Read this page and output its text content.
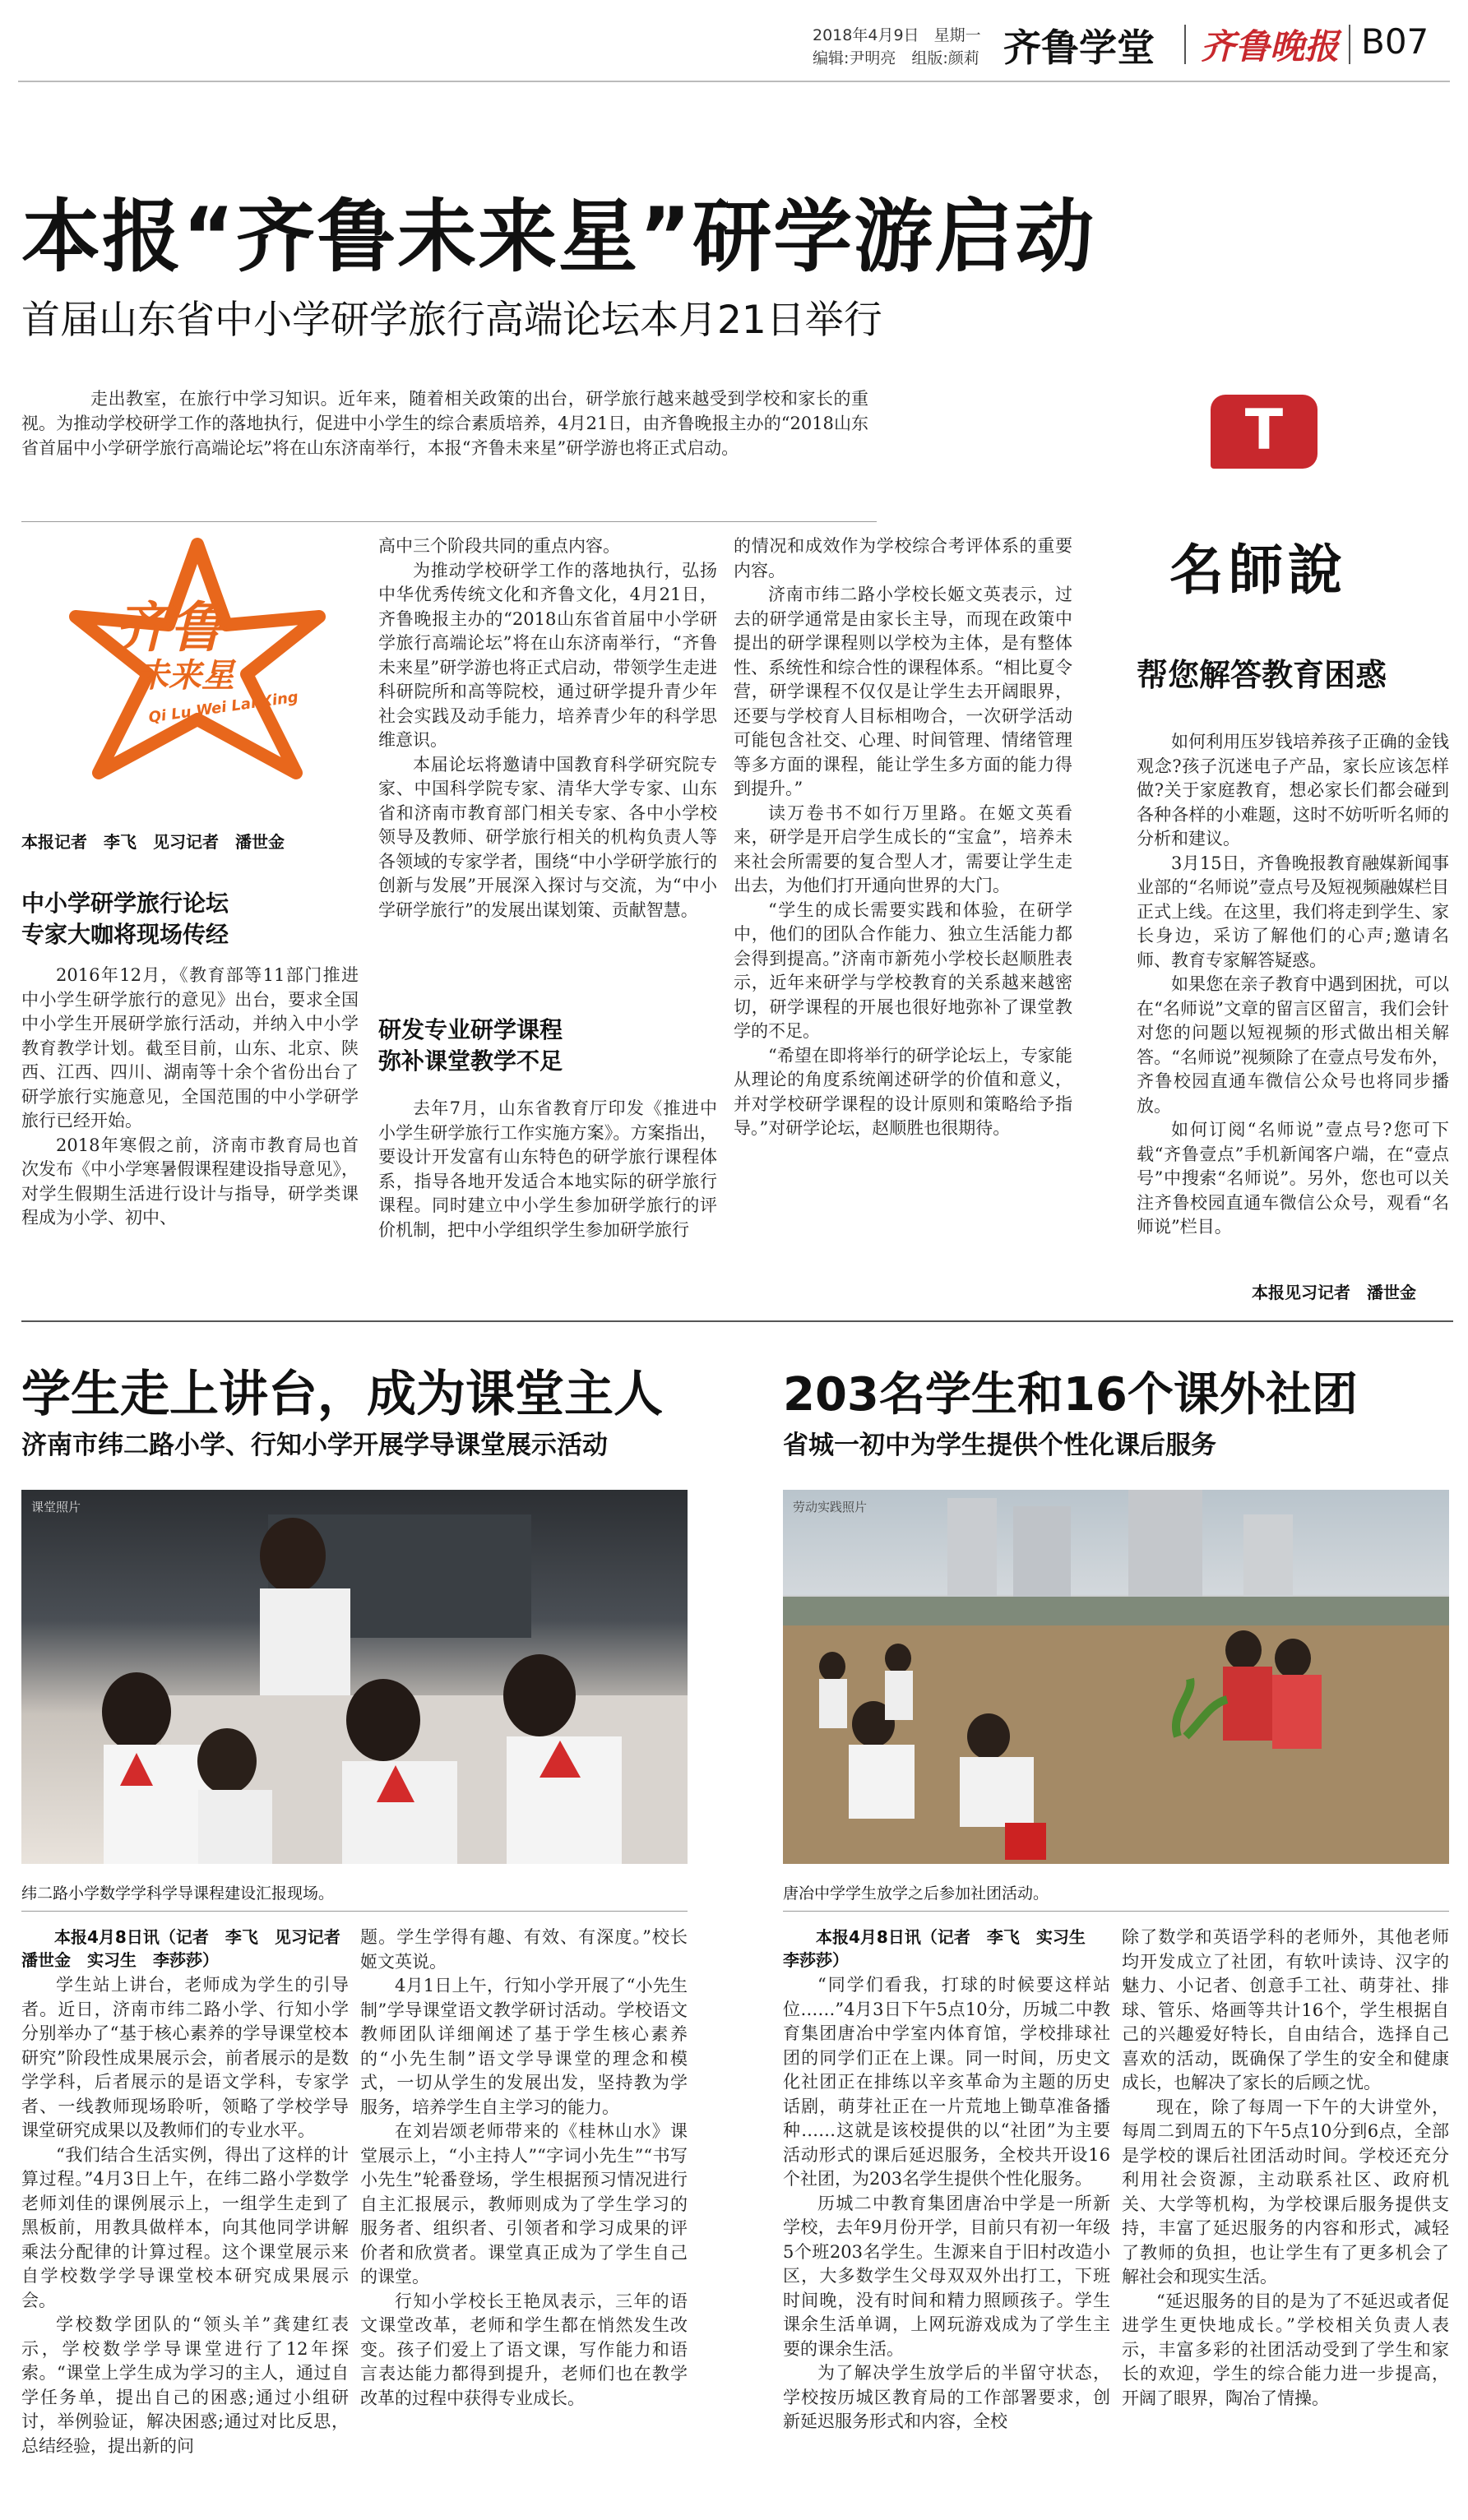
2018年4月9日 星期一
编辑:尹明亮　组版:颜莉 齐鲁学堂 齐鲁晚报 B07
本报“齐鲁未来星”研学游启动
首届山东省中小学研学旅行高端论坛本月21日举行

走出教室，在旅行中学习知识。近年来，随着相关政策的出台，研学旅行越来越受到学校和家长的重视。为推动学校研学工作的落地执行，促进中小学生的综合素质培养，4月21日，由齐鲁晚报主办的“2018山东省首届中小学研学旅行高端论坛”将在山东济南举行，本报“齐鲁未来星”研学游也将正式启动。

齐鲁
未来星
Qi Lu Wei Lai Xing
本报记者　李飞　见习记者　潘世金
中小学研学旅行论坛
专家大咖将现场传经

2016年12月，《教育部等11部门推进中小学生研学旅行的意见》出台，要求全国中小学生开展研学旅行活动，并纳入中小学教育教学计划。截至目前，山东、北京、陕西、江西、四川、湖南等十余个省份出台了研学旅行实施意见，全国范围的中小学研学旅行已经开始。

2018年寒假之前，济南市教育局也首次发布《中小学寒暑假课程建设指导意见》，对学生假期生活进行设计与指导，研学类课程成为小学、初中、

高中三个阶段共同的重点内容。

为推动学校研学工作的落地执行，弘扬中华优秀传统文化和齐鲁文化，4月21日，齐鲁晚报主办的“2018山东省首届中小学研学旅行高端论坛”将在山东济南举行，“齐鲁未来星”研学游也将正式启动，带领学生走进科研院所和高等院校，通过研学提升青少年社会实践及动手能力，培养青少年的科学思维意识。

本届论坛将邀请中国教育科学研究院专家、中国科学院专家、清华大学专家、山东省和济南市教育部门相关专家、各中小学校领导及教师、研学旅行相关的机构负责人等各领域的专家学者，围绕“中小学研学旅行的创新与发展”开展深入探讨与交流，为“中小学研学旅行”的发展出谋划策、贡献智慧。

研发专业研学课程
弥补课堂教学不足

去年7月，山东省教育厅印发《推进中小学生研学旅行工作实施方案》。方案指出，要设计开发富有山东特色的研学旅行课程体系，指导各地开发适合本地实际的研学旅行课程。同时建立中小学生参加研学旅行的评价机制，把中小学组织学生参加研学旅行

的情况和成效作为学校综合考评体系的重要内容。

济南市纬二路小学校长姬文英表示，过去的研学通常是由家长主导，而现在政策中提出的研学课程则以学校为主体，是有整体性、系统性和综合性的课程体系。“相比夏令营，研学课程不仅仅是让学生去开阔眼界，还要与学校育人目标相吻合，一次研学活动可能包含社交、心理、时间管理、情绪管理等多方面的课程，能让学生多方面的能力得到提升。”

读万卷书不如行万里路。在姬文英看来，研学是开启学生成长的“宝盒”，培养未来社会所需要的复合型人才，需要让学生走出去，为他们打开通向世界的大门。

“学生的成长需要实践和体验，在研学中，他们的团队合作能力、独立生活能力都会得到提高。”济南市新苑小学校长赵顺胜表示，近年来研学与学校教育的关系越来越密切，研学课程的开展也很好地弥补了课堂教学的不足。

“希望在即将举行的研学论坛上，专家能从理论的角度系统阐述研学的价值和意义，并对学校研学课程的设计原则和策略给予指导。”对研学论坛，赵顺胜也很期待。

T
名師說
帮您解答教育困惑

如何利用压岁钱培养孩子正确的金钱观念?孩子沉迷电子产品，家长应该怎样做?关于家庭教育，想必家长们都会碰到各种各样的小难题，这时不妨听听名师的分析和建议。

3月15日，齐鲁晚报教育融媒新闻事业部的“名师说”壹点号及短视频融媒栏目正式上线。在这里，我们将走到学生、家长身边，采访了解他们的心声;邀请名师、教育专家解答疑惑。

如果您在亲子教育中遇到困扰，可以在“名师说”文章的留言区留言，我们会针对您的问题以短视频的形式做出相关解答。“名师说”视频除了在壹点号发布外，齐鲁校园直通车微信公众号也将同步播放。

如何订阅“名师说”壹点号?您可下载“齐鲁壹点”手机新闻客户端，在“壹点号”中搜索“名师说”。另外，您也可以关注齐鲁校园直通车微信公众号，观看“名师说”栏目。

本报见习记者　潘世金
学生走上讲台，成为课堂主人
济南市纬二路小学、行知小学开展学导课堂展示活动
课堂照片
纬二路小学数学学科学导课程建设汇报现场。
本报4月8日讯（记者　李飞　见习记者　潘世金　实习生　李莎莎）

学生站上讲台，老师成为学生的引导者。近日，济南市纬二路小学、行知小学分别举办了“基于核心素养的学导课堂校本研究”阶段性成果展示会，前者展示的是数学学科，后者展示的是语文学科，专家学者、一线教师现场聆听，领略了学校学导课堂研究成果以及教师们的专业水平。

“我们结合生活实例，得出了这样的计算过程。”4月3日上午，在纬二路小学数学老师刘佳的课例展示上，一组学生走到了黑板前，用教具做样本，向其他同学讲解乘法分配律的计算过程。这个课堂展示来自学校数学学导课堂校本研究成果展示会。

学校数学团队的“领头羊”龚建红表示，学校数学学导课堂进行了12年探索。“课堂上学生成为学习的主人，通过自学任务单，提出自己的困惑;通过小组研讨，举例验证，解决困惑;通过对比反思，总结经验，提出新的问

题。学生学得有趣、有效、有深度。”校长姬文英说。

4月1日上午，行知小学开展了“小先生制”学导课堂语文教学研讨活动。学校语文教师团队详细阐述了基于学生核心素养的“小先生制”语文学导课堂的理念和模式，一切从学生的发展出发，坚持教为学服务，培养学生自主学习的能力。

在刘岩颂老师带来的《桂林山水》课堂展示上，“小主持人”“字词小先生”“书写小先生”轮番登场，学生根据预习情况进行自主汇报展示，教师则成为了学生学习的服务者、组织者、引领者和学习成果的评价者和欣赏者。课堂真正成为了学生自己的课堂。

行知小学校长王艳凤表示，三年的语文课堂改革，老师和学生都在悄然发生改变。孩子们爱上了语文课，写作能力和语言表达能力都得到提升，老师们也在教学改革的过程中获得专业成长。

203名学生和16个课外社团
省城一初中为学生提供个性化课后服务
劳动实践照片
唐冶中学学生放学之后参加社团活动。
本报4月8日讯（记者　李飞　实习生　李莎莎）

“同学们看我，打球的时候要这样站位……”4月3日下午5点10分，历城二中教育集团唐冶中学室内体育馆，学校排球社团的同学们正在上课。同一时间，历史文化社团正在排练以辛亥革命为主题的历史话剧，萌芽社正在一片荒地上锄草准备播种……这就是该校提供的以“社团”为主要活动形式的课后延迟服务，全校共开设16个社团，为203名学生提供个性化服务。

历城二中教育集团唐冶中学是一所新学校，去年9月份开学，目前只有初一年级5个班203名学生。生源来自于旧村改造小区，大多数学生父母双双外出打工，下班时间晚，没有时间和精力照顾孩子。学生课余生活单调，上网玩游戏成为了学生主要的课余生活。

为了解决学生放学后的半留守状态，学校按历城区教育局的工作部署要求，创新延迟服务形式和内容，全校

除了数学和英语学科的老师外，其他老师均开发成立了社团，有软叶读诗、汉字的魅力、小记者、创意手工社、萌芽社、排球、管乐、烙画等共计16个，学生根据自己的兴趣爱好特长，自由结合，选择自己喜欢的活动，既确保了学生的安全和健康成长，也解决了家长的后顾之忧。

现在，除了每周一下午的大讲堂外，每周二到周五的下午5点10分到6点，全部是学校的课后社团活动时间。学校还充分利用社会资源，主动联系社区、政府机关、大学等机构，为学校课后服务提供支持，丰富了延迟服务的内容和形式，减轻了教师的负担，也让学生有了更多机会了解社会和现实生活。

“延迟服务的目的是为了不延迟或者促进学生更快地成长。”学校相关负责人表示，丰富多彩的社团活动受到了学生和家长的欢迎，学生的综合能力进一步提高，开阔了眼界，陶冶了情操。
